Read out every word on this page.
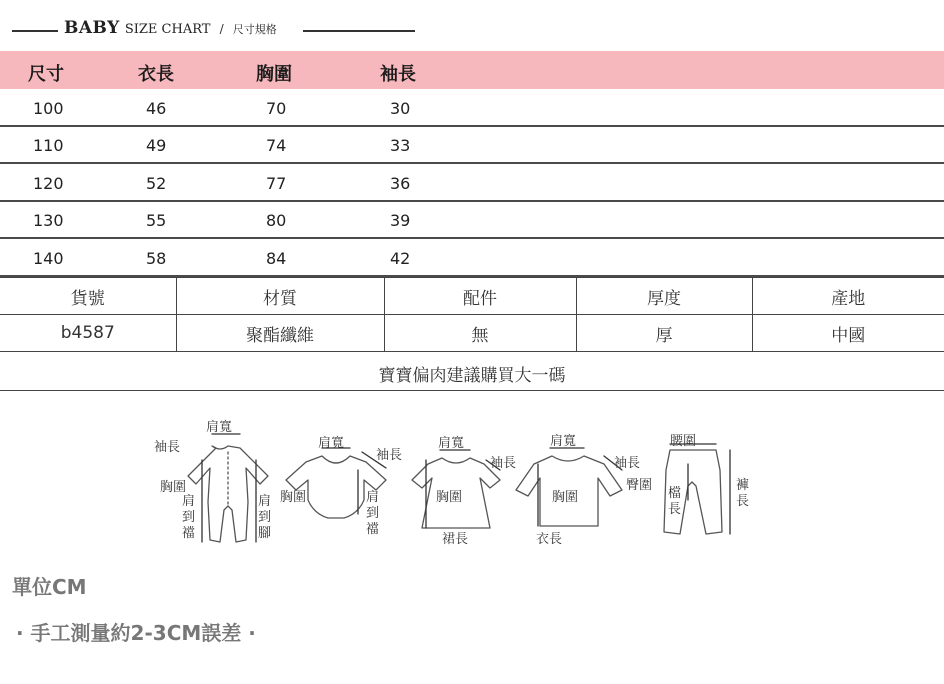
BABY SIZE CHART / 尺寸規格
尺寸	衣長	胸圍	袖長
100	46	70	30
110	49	74	33
120	52	77	36
130	55	80	39
140	58	84	42
貨號	材質	配件	厚度	產地
b4587	聚酯纖維	無	厚	中國
寶寶偏肉建議購買大一碼
肩寬
袖長
胸圍
肩到襠
肩到腳
肩寬
袖長
胸圍	肩到襠
肩寬
袖長
胸圍
裙長
肩寬
袖長
胸圍
衣長
腰圍
臀圍
檔長
褲長
單位CM
· 手工測量約2-3CM誤差 ·
